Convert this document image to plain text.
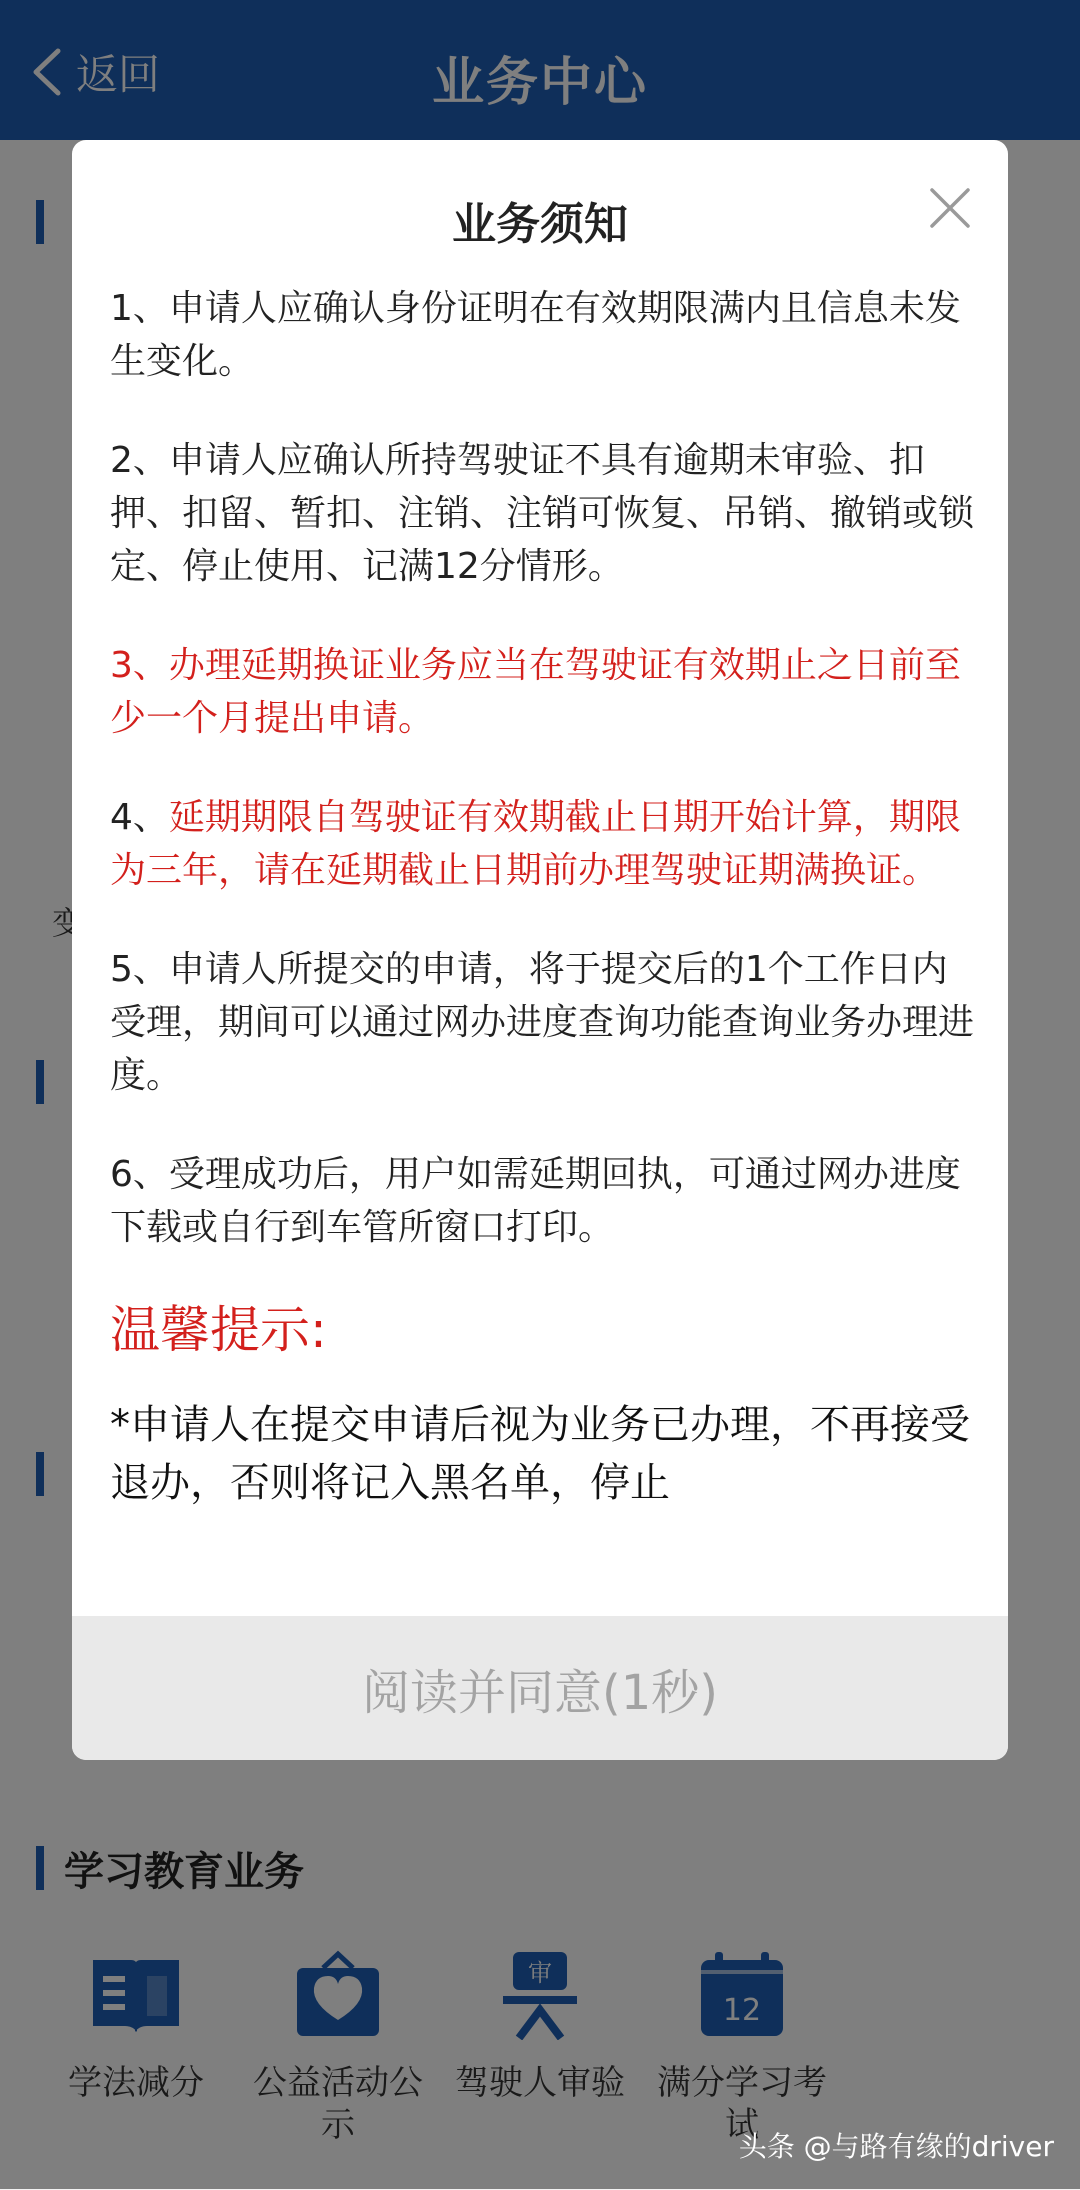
业务须知

1、申请人应确认身份证明在有效期限满内且信息未发生变化。

2、申请人应确认所持驾驶证不具有逾期未审验、扣押、扣留、暂扣、注销、注销可恢复、吊销、撤销或锁定、停止使用、记满12分情形。

3、办理延期换证业务应当在驾驶证有效期止之日前至少一个月提出申请。

4、延期期限自驾驶证有效期截止日期开始计算，期限为三年，请在延期截止日期前办理驾驶证期满换证。

5、申请人所提交的申请，将于提交后的1个工作日内受理，期间可以通过网办进度查询功能查询业务办理进度。

6、受理成功后，用户如需延期回执，可通过网办进度下载或自行到车管所窗口打印。

温馨提示:

*申请人在提交申请后视为业务已办理，不再接受退办，否则将记入黑名单，停止

阅读并同意(1秒)
头条 @与路有缘的driver
